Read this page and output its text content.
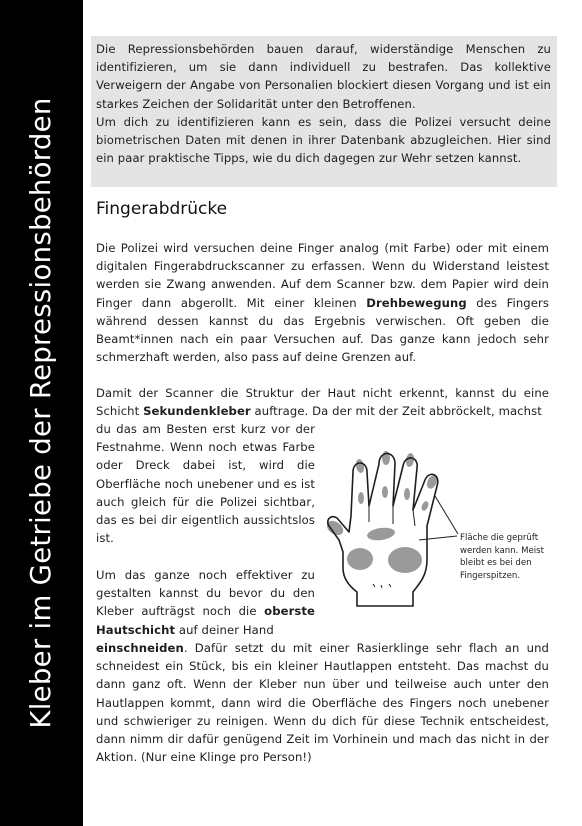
Kleber im Getriebe der Repressionsbehörden

Die Repressionsbehörden bauen darauf, widerständige Menschen zu identifizieren, um sie dann individuell zu bestrafen. Das kollektive Verweigern der Angabe von Personalien blockiert diesen Vorgang und ist ein starkes Zeichen der Solidarität unter den Betroffenen.

Um dich zu identifizieren kann es sein, dass die Polizei versucht deine biometrischen Daten mit denen in ihrer Datenbank abzugleichen. Hier sind ein paar praktische Tipps, wie du dich dagegen zur Wehr setzen kannst.

Fingerabdrücke

Die Polizei wird versuchen deine Finger analog (mit Farbe) oder mit einem digitalen Fingerabdruckscanner zu erfassen. Wenn du Widerstand leistest werden sie Zwang anwenden. Auf dem Scanner bzw. dem Papier wird dein Finger dann abgerollt. Mit einer kleinen Drehbewegung des Fingers während dessen kannst du das Ergebnis verwischen. Oft geben die Beamt*innen nach ein paar Versuchen auf. Das ganze kann jedoch sehr schmerzhaft werden, also pass auf deine Grenzen auf.

Damit der Scanner die Struktur der Haut nicht erkennt, kannst du eine Schicht Sekundenkleber auftrage. Da der mit der Zeit abbröckelt, machst

du das am Besten erst kurz vor der Festnahme. Wenn noch etwas Farbe oder Dreck dabei ist, wird die Oberfläche noch unebener und es ist auch gleich für die Polizei sichtbar, das es bei dir eigentlich aussichtslos ist.

Um das ganze noch effektiver zu gestalten kannst du bevor du den Kleber aufträgst noch die oberste Hautschicht auf deiner Hand

einschneiden. Dafür setzt du mit einer Rasierklinge sehr flach an und schneidest ein Stück, bis ein kleiner Hautlappen entsteht. Das machst du dann ganz oft. Wenn der Kleber nun über und teilweise auch unter den Hautlappen kommt, dann wird die Oberfläche des Fingers noch unebener und schwieriger zu reinigen. Wenn du dich für diese Technik entscheidest, dann nimm dir dafür genügend Zeit im Vorhinein und mach das nicht in der Aktion. (Nur eine Klinge pro Person!)

Fläche die geprüft werden kann. Meist bleibt es bei den Fingerspitzen.
